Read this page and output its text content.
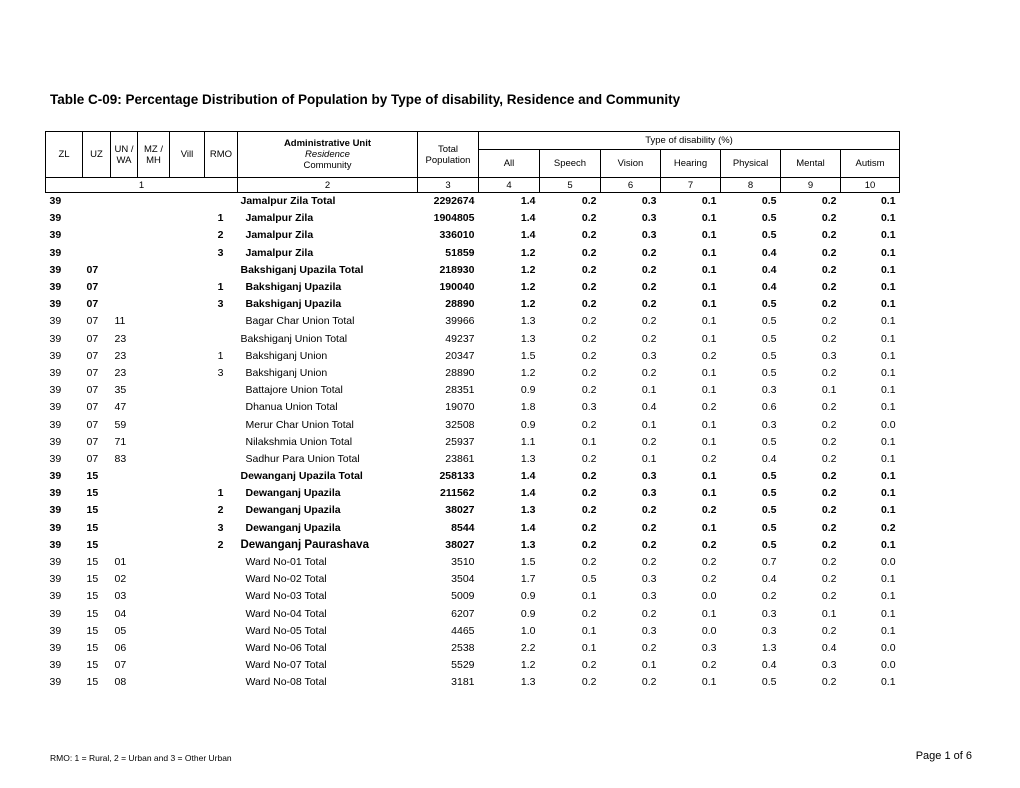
Table C-09: Percentage Distribution of Population by Type of disability, Residence and Community
ZL	UZ	UN / WA	MZ / MH	Vill	RMO	Administrative Unit
Residence
Community	Total Population	Type of disability (%)						
								All	Speech	Vision	Hearing	Physical	Mental	Autism
1						2	3	4	5	6	7	8	9	10
39						Jamalpur Zila Total	2292674	1.4	0.2	0.3	0.1	0.5	0.2	0.1
39					1	Jamalpur Zila	1904805	1.4	0.2	0.3	0.1	0.5	0.2	0.1
39					2	Jamalpur Zila	336010	1.4	0.2	0.3	0.1	0.5	0.2	0.1
39					3	Jamalpur Zila	51859	1.2	0.2	0.2	0.1	0.4	0.2	0.1
39	07					Bakshiganj Upazila Total	218930	1.2	0.2	0.2	0.1	0.4	0.2	0.1
39	07				1	Bakshiganj Upazila	190040	1.2	0.2	0.2	0.1	0.4	0.2	0.1
39	07				3	Bakshiganj Upazila	28890	1.2	0.2	0.2	0.1	0.5	0.2	0.1
39	07	11				Bagar Char Union Total	39966	1.3	0.2	0.2	0.1	0.5	0.2	0.1
39	07	23				Bakshiganj Union Total	49237	1.3	0.2	0.2	0.1	0.5	0.2	0.1
39	07	23			1	Bakshiganj Union	20347	1.5	0.2	0.3	0.2	0.5	0.3	0.1
39	07	23			3	Bakshiganj Union	28890	1.2	0.2	0.2	0.1	0.5	0.2	0.1
39	07	35				Battajore Union Total	28351	0.9	0.2	0.1	0.1	0.3	0.1	0.1
39	07	47				Dhanua Union Total	19070	1.8	0.3	0.4	0.2	0.6	0.2	0.1
39	07	59				Merur Char Union Total	32508	0.9	0.2	0.1	0.1	0.3	0.2	0.0
39	07	71				Nilakshmia Union Total	25937	1.1	0.1	0.2	0.1	0.5	0.2	0.1
39	07	83				Sadhur Para Union Total	23861	1.3	0.2	0.1	0.2	0.4	0.2	0.1
39	15					Dewanganj Upazila Total	258133	1.4	0.2	0.3	0.1	0.5	0.2	0.1
39	15				1	Dewanganj Upazila	211562	1.4	0.2	0.3	0.1	0.5	0.2	0.1
39	15				2	Dewanganj Upazila	38027	1.3	0.2	0.2	0.2	0.5	0.2	0.1
39	15				3	Dewanganj Upazila	8544	1.4	0.2	0.2	0.1	0.5	0.2	0.2
39	15				2	Dewanganj Paurashava	38027	1.3	0.2	0.2	0.2	0.5	0.2	0.1
39	15	01				Ward No-01 Total	3510	1.5	0.2	0.2	0.2	0.7	0.2	0.0
39	15	02				Ward No-02 Total	3504	1.7	0.5	0.3	0.2	0.4	0.2	0.1
39	15	03				Ward No-03 Total	5009	0.9	0.1	0.3	0.0	0.2	0.2	0.1
39	15	04				Ward No-04 Total	6207	0.9	0.2	0.2	0.1	0.3	0.1	0.1
39	15	05				Ward No-05 Total	4465	1.0	0.1	0.3	0.0	0.3	0.2	0.1
39	15	06				Ward No-06 Total	2538	2.2	0.1	0.2	0.3	1.3	0.4	0.0
39	15	07				Ward No-07 Total	5529	1.2	0.2	0.1	0.2	0.4	0.3	0.0
39	15	08				Ward No-08 Total	3181	1.3	0.2	0.2	0.1	0.5	0.2	0.1
RMO: 1 = Rural, 2 = Urban and 3 = Other Urban	Page 1 of 6
